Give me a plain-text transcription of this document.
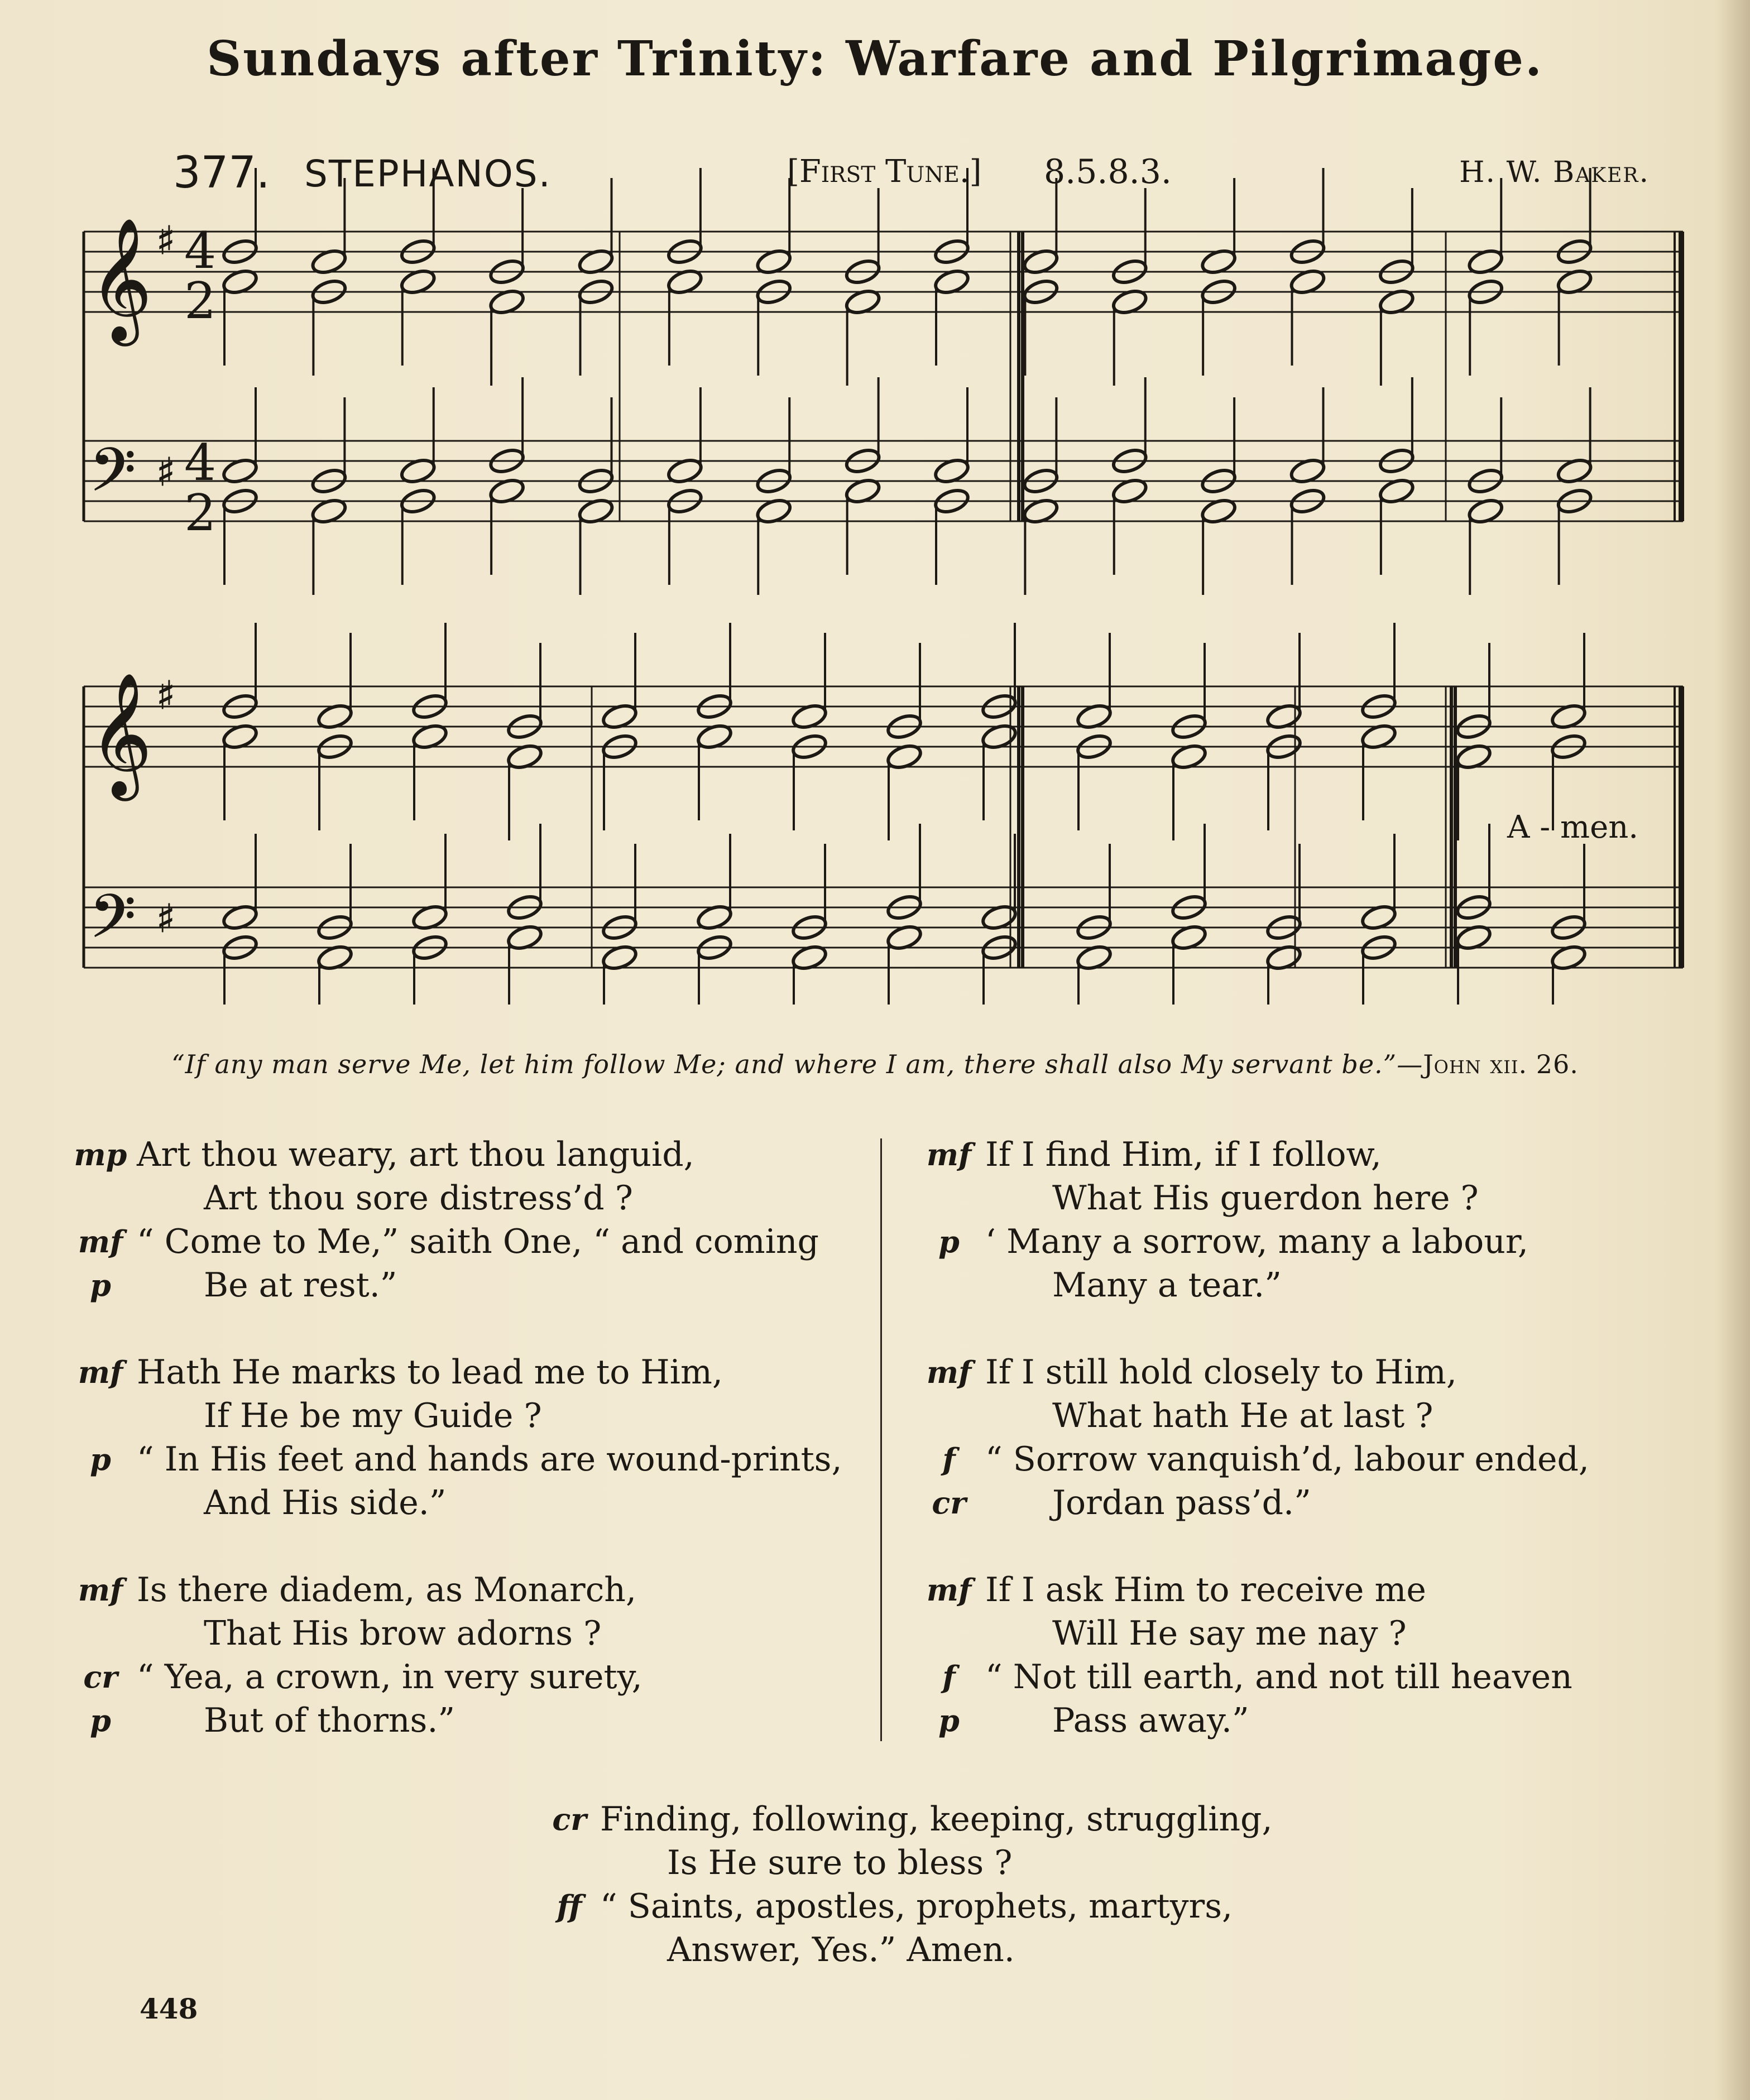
Sundays after Trinity: Warfare and Pilgrimage.
377. STEPHANOS.	[First Tune.] 8.5.8.3.	H. W. Baker.
𝄞
𝄢
♯
♯
𝄞
𝄢
♯
♯
4
2
4
2
A - men.
“If any man serve Me, let him follow Me; and where I am, there shall also My servant be.”—John xii. 26.
mp Art thou weary, art thou languid,
Art thou sore distress’d ?
mf “ Come to Me,” saith One, “ and coming
p	Be at rest.”
mf Hath He marks to lead me to Him,
If He be my Guide ?
p “ In His feet and hands are wound-prints,
And His side.”
mf Is there diadem, as Monarch,
That His brow adorns ?
cr “ Yea, a crown, in very surety,
p	But of thorns.”
mf If I find Him, if I follow,
What His guerdon here ?
p ‘ Many a sorrow, many a labour,
Many a tear.”
mf If I still hold closely to Him,
What hath He at last ?
f “ Sorrow vanquish’d, labour ended,
cr	Jordan pass’d.”
mf If I ask Him to receive me
Will He say me nay ?
f “ Not till earth, and not till heaven
p	Pass away.”
cr Finding, following, keeping, struggling,
Is He sure to bless ?
ff “ Saints, apostles, prophets, martyrs,
Answer, Yes.” Amen.
448
